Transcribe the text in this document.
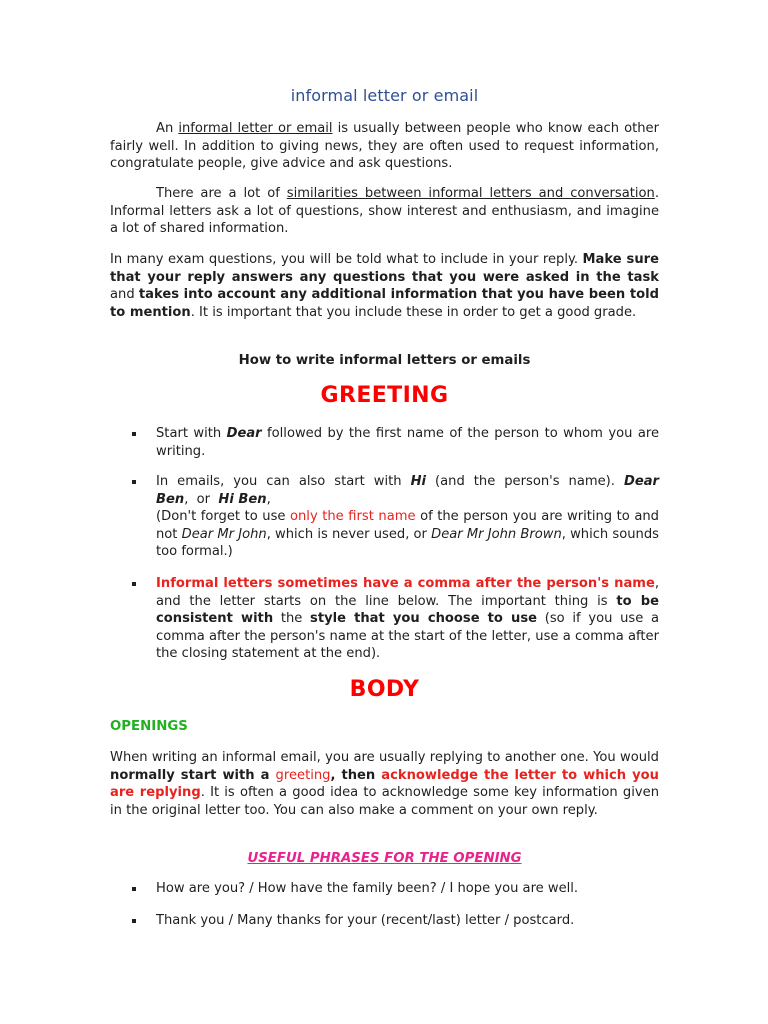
informal letter or email
An informal letter or email is usually between people who know each other fairly well. In addition to giving news, they are often used to request information, congratulate people, give advice and ask questions.
There are a lot of similarities between informal letters and conversation. Informal letters ask a lot of questions, show interest and enthusiasm, and imagine a lot of shared information.
In many exam questions, you will be told what to include in your reply. Make sure that your reply answers any questions that you were asked in the task and takes into account any additional information that you have been told to mention. It is important that you include these in order to get a good grade.
How to write informal letters or emails
GREETING
Start with Dear followed by the first name of the person to whom you are writing.
In emails, you can also start with Hi (and the person's name). Dear Ben,  or  Hi Ben,
(Don't forget to use only the first name of the person you are writing to and not Dear Mr John, which is never used, or Dear Mr John Brown, which sounds too formal.)
Informal letters sometimes have a comma after the person's name, and the letter starts on the line below. The important thing is to be consistent with the style that you choose to use (so if you use a comma after the person's name at the start of the letter, use a comma after the closing statement at the end).
BODY
OPENINGS
When writing an informal email, you are usually replying to another one. You would normally start with a greeting, then acknowledge the letter to which you are replying. It is often a good idea to acknowledge some key information given in the original letter too. You can also make a comment on your own reply.
USEFUL PHRASES FOR THE OPENING
How are you? / How have the family been? / I hope you are well.
Thank you / Many thanks for your (recent/last) letter / postcard.
